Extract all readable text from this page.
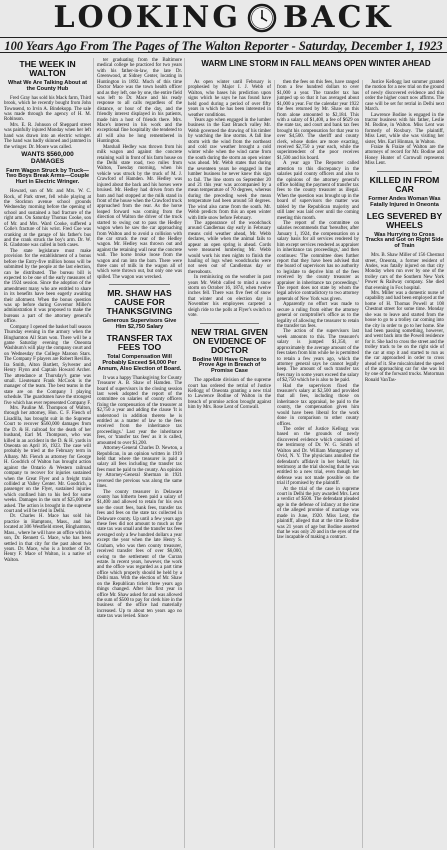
LOOKING BACK
100 Years Ago From The Pages of The Walton Reporter - Saturday, December 1, 1923
THE WEEK IN WALTON
What We Are Talking About at the County Hub

Fred Gray has sold his Mack farm, Third brook, which he recently bought from John Townsend, to Irvin A. Bindekopp. The sale was made through the agency of H. M. Robinson.

Mrs. E. R. Johnson of Sheppard street was painfully injured Monday when her left hand was drawn into an electric wringer. The hand was badly skinned and jammed in the wringer. Dr. Moore was called.

WANTS $560,000 DAMAGES
Farm Wagon Struck by Truck—Two Boys Break Arms—Couple Hurt in Electric Wringer.

Howard, son of Mr. and Mrs. W. C. Rock, of Park street, fell while playing at the Stockton avenue school grounds Wednesday morning before the opening of school and sustained a bad fracture of the right arm. On Saturday Thomas Cooke, son of Mr. and Mrs. Ward Cooke, suffered a Colle's fracture of his wrist. Fred Coe was cranking at the garage of his father's bus and the crank struck the boy's arm. Dr. W. R. Gladstone was called in both cases.

The state legislature must make provision for the establishment of a bonus before the Entry-five million bonus will be submitted by the people at the last election, can be distributed. The bureau bill is expected to be one of the early measures of the 1924 session. Since the adoption of the amendment many who are entitled to share in its benefits have been eagerly awaiting their allotment. When the bonus question was up before during Governor Miller's administration it was proposed to make the bureaus a part of the attorney general's office.

Company I opened the basket ball season Thursday evening in the armory when the Binghamton All Stars won. There will be a game Saturday evening the Oneonta Washburn's will play the company court and on Wednesday the College Maroon Stars. The Company F players are Robert Revillie, Ira Smith, Alton Bartlett, Sylvester and Henry Flynn and Captain Howard Archer. The attendance at Thursday's game was small. Lieutenant Frank McCook is the manager of the team. The best teams in the state are on the Company I playing schedule. The guardsmen have the strongest five which has ever represented Company F.

Mrs. Pauline M. Thompson of Walton, through her attorney, Hon. C. F. Fiench of Lisadilla, has brought suit in the Supreme Court to recover $560,000 damages from the D. & H. railroad for the death of her husband, Earl M. Thompson, who was killed in an accident in the D. & H. yards in Oneonta on April 16, 1923. The case will probably be tried at the February term in Albany. Mr. Fiench as attorney for George H. Goodrich of Walton has brought action against the Ontario & Western railroad company to recover for injuries sustained when the Great Flyer and a freight train collided at Valley Center. Mr. Goodrich, a passenger on the Flyer, sustained injuries which confined him to his bed for some weeks. Damages in the sum of $25,000 are asked. The action is brought in the supreme court and will be tried in Delhi.

Dr. Charles H. Mace has sold his practice in Hamptons, Mass., and has located at 306 Westfield street, Binghamton, Mass., where he will have an office with his son, Dr. Rennett G. Mace, who has been settled in that city for the past about two years. Dr. Mace, who is a brother of Dr. Henry F. Mace of Walton, is a native of Walton.

ter graduating from the Baltimore medical college he practiced for two years with his father-in-law, the late Dr. Greenwood, at Sidney Center, locating in Huntington in 1892. Much of this time Doctor Mace was the town health officer and as they left, one by one, the entire field was left to Dr. Mace and his ready response to all calls regardless of the distance, or hour of the day, and the friendly interest displayed in his patients, made him a host of friends there. Mrs. Mace's interest in his work and the exceptional fine hospitality she tendered to all will also be long remembered in Huntington.

Marshall Hedley was thrown from his milk wagon and against the concrete retaining wall in front of his farm house on the Delhi state road, two miles from Walton, Tuesday morning, when his vehicle was struck by the truck of M. J. Crawford of Hamden. Mr. Hedley was injured about the back and his horses were bruised. Mr. Hedley had driven from the barn and had stopped at the milk stand in front of the house when the Crawford truck approached from the rear. As the horse leaped forward was coming from the direction of Walton the driver of the truck started to swing out to pass the Hedley wagon when he saw the car approaching from Walton and to avoid a collision with the car struck the rear of the Hedley wagon. Mr. Hedley was thrown out and against the retaining wall near the concrete wall. The horse broke loose from the wagon and ran into the barn. There were three cans of milk in the wagon all of which were thrown out, but only one was spilled. The wagon was wrecked.

MR. SHAW HAS CAUSE FOR THANKSGIVING
Generous Supervisors Give Him $2,750 Salary
TRANSFER TAX FEES TOO
Total Compensation Will Probably Exceed $4,000 Per Annum, Also Election of Board.

It was a happy Thanksgiving for County Treasurer A. B. Shaw of Hamden. The board of supervisors in the closing session last week adopted the report of the committee on salaries of county officers fixing the compensation of the treasurer at $2,750 a year and adding the clause 'It is understood in addition thereto he is entitled as a matter of law to the fees received from the inheritance tax proceedings.' Last year the inheritance fees, or 'transfer tax fees' as it is called, amounted to over $1,200.

Attorney-General Charles D. Newton, a Republican, in an opinion written in 1919 held that where the treasurer is paid a salary all fees including the transfer tax fees must be paid to the county. An opinion by Attorney-General Sherman in 1921 reversed the previous was along the same lines.

The county treasurer in Delaware county has hitherto been paid a salary of $1,400 and allowed to retain for his own use the court fees, bank fees, transfer tax fees and fees on the state tax collected in Delaware county. Up until a few years ago these fees did not amount to much as the state tax was small and the transfer tax fees averaged only a few hundred dollars a year except the year when the late Henry S. Graham, who was then county treasurer, received transfer fees of over $6,000, owing to the settlement of the Curran estate. In recent years, however, the work and the office was regarded as a part time office which properly should be held by a Delhi man. With the election of Mr. Shaw on the Republican ticket three years ago things changed. After his first year in office Mr. Shaw asked for and was allowed the sum of $500 to pay for clerk hire in the business of the office had materially increased. Up to about ten years ago no state tax was levied. Since

WARM LINE STORM IN FALL MEANS OPEN WINTER AHEAD

As open winter until February is prophesied by Major I. J. Webb of Walton, who bases his prediction upon signs which he says he has found have held good during a period of over fifty years in which he has been interested in weather conditions.

Years ago when engaged in the lumber business in the East Branch valley Mr. Webb governed the drawing of his timber by watching the line storms. A fall line storm with the wind from the northeast and cold raw weather brought a cold winter while when the wind came from the south during the storm an open winter was ahead. Mr. Webb states that during the seventeen years he engaged in the lumber business he never knew this sign to fail. The line storm on September 20 and 21 this year was accompanied by a mean temperature of 70 degrees, whereas during the preceding week the mean temperature had been around 50 degrees. The wind also came from the south. Mr. Webb predicts from this an open winter with little snow before February.

The appearance of the woodchuck around Candlemas day early in February means cold weather ahead, Mr. Webb declares, while when the animal fails to appear an open spring is ahead. Cords were measured lumbering Mr. Webb would work his men nights to finish the hauling of logs when woodchucks were not seen out of Candlemas day or thereabouts.

In reminiscing on the weather in past years Mr. Webb called to mind a snow storm on October 16, 1874, when twelve inches fell. There was five feet of snow that winter and on election day in November his employees carpeted a sleigh ride to the polls at Flyer's switch to vote.

NEW TRIAL GIVEN ON EVIDENCE OF DOCTOR
Bodine Will Have Chance to Prove Age in Breach of Promise Case

The appellate division of the supreme court has ordered the retrial of Justice Kellogg of Oneonta granting a new trial to Lawrence Bodine of Walton in the breach of promise action brought against him by Mrs. Rose Lent of Cornwall.

then the fees on this fees, have ranged from a few hundred dollars to over $1,000 a year. The transfer tax has jumped up so that it has averaged about $1,000 a year. For the calendar year 1922 the fees returned by Mr. Shaw on this from alone amounted to $2,184. This with a salary of $1,400, a fee of $629 on the state tax, and court and bank tax fees brought his compensation for that year to over $4,500. The sheriff and county clerk, whose duties are more exacting, received $2,750 a year each, while the superintendent of the poor receives $1,500 and his board.

A year ago The Reporter called attention to this discrepancy in the salaries paid county officers and also to the opinions of the attorney general's office holding the payment of transfer tax fees to the county treasurer as illegal. When the question was brought up in the board of supervisors the matter was tabled by the Republican majority and still later was laid over until the coming meeting this month.

The report of the committee on salaries recommends that 'hereafter, after January 1, 1924, the compensation on a salary basis for all services rendered by him except services rendered as appraiser in inheritance tax proceedings,' and then continues: 'The committee does further report that they have been advised that the board of supervisors has no authority to legislate to deprive him of the fees received by the county treasurer as appraiser in inheritance tax proceedings.' The report does not state by whom the legal advice contradictory to two attorney generals of New York was given.

Apparently no effort was made to secure a ruling from either the attorney general or comptroller's office as to the legality of allowing the treasurer to retain the transfer tax fees.

The action of the supervisors last week amounts to this. The treasurer's salary is jumped $1,350, or approximately the average amount of the fees taken from him while he is permitted to retain a few years ago, which the attorney general says he cannot legally keep. The amount of such transfer tax fees may in some years exceed the salary of $2,750 which he is also to be paid.

Had the supervisors fixed the treasurer's salary at $2,500 and provided that all fees, including those on inheritance tax appraisal, be paid to the county, the compensation given him would have been liberal for the work done in comparison to other county offices.

The order of Justice Kellogg was based on the grounds of newly discovered evidence which consisted of the testimony of Dr. W. G. Smith of Walton and Dr. William Montgomery of Ovid, N. Y. The physicians annulled the defendant's affidavit in her behalf, his testimony at the trial showing that he was entitled to a new trial, even though her defense was not made possible on the trial if promised by the plaintiff.

At the trial of the case in supreme court in Delhi the jury awarded Mrs. Lent a verdict of $500. The defendant pleaded age in the defense of infancy at the time of the alleged promise of marriage was made in June, 1920. Miss Lent, the plaintiff, alleged that at the time Bodine was 21 years of age but Bodine asserted that he was only 20 and in the eyes of the law incapable of making a contract.

Justice Kellogg last summer granted the motion for a new trial on the ground of newly discovered evidence and this order the higher court now affirms. The case will be set for retrial in Delhi next March.

Lawrence Bodine is engaged in the tractor business with his father, Leslie M. Bodine, in Walton. Miss Lent was formerly of Roxbury. The plaintiff, Miss Lent, while she was visiting her sister, Mrs. Earl Hinman, in Walton.

Fraize & Fraize of Walton are the attorneys of record for Mr. Bodine and Honey Hunter of Cornwall represents Miss Lent.

KILLED IN FROM CAR
Former Andes Woman Was Fatally Injured in Oneonta
LEG SEVERED BY WHEELS
Was Hurrying to Cross Tracks and Got on Right Side of Train

Mrs. B. Shaw Miller of 156 Chestnut street, Oneonta, a former resident of Andes, was fatally injured on that city Monday when run over by one of the trolley cars of the Southern New York Power & Railway company. She died that evening in Fox hospital.

Mrs. Miller was a domestic nurse of capability and had been employed at the home of H. Thomas Powell at 108 Chestnut street for some time. Monday she was to leave and started from the house to go to a trolley car coming into the city in order to go to her home. She had been passing something, however, and went back into the Powell residence for it. She had to cross the street and the trolley track to be on the right side of the car at stop it and started to run as the car approached in order to cross ahead of it. She miscalculated the speed of the approaching car for she was hit by one of the forward trucks. Motorman Ronald VanTas-
